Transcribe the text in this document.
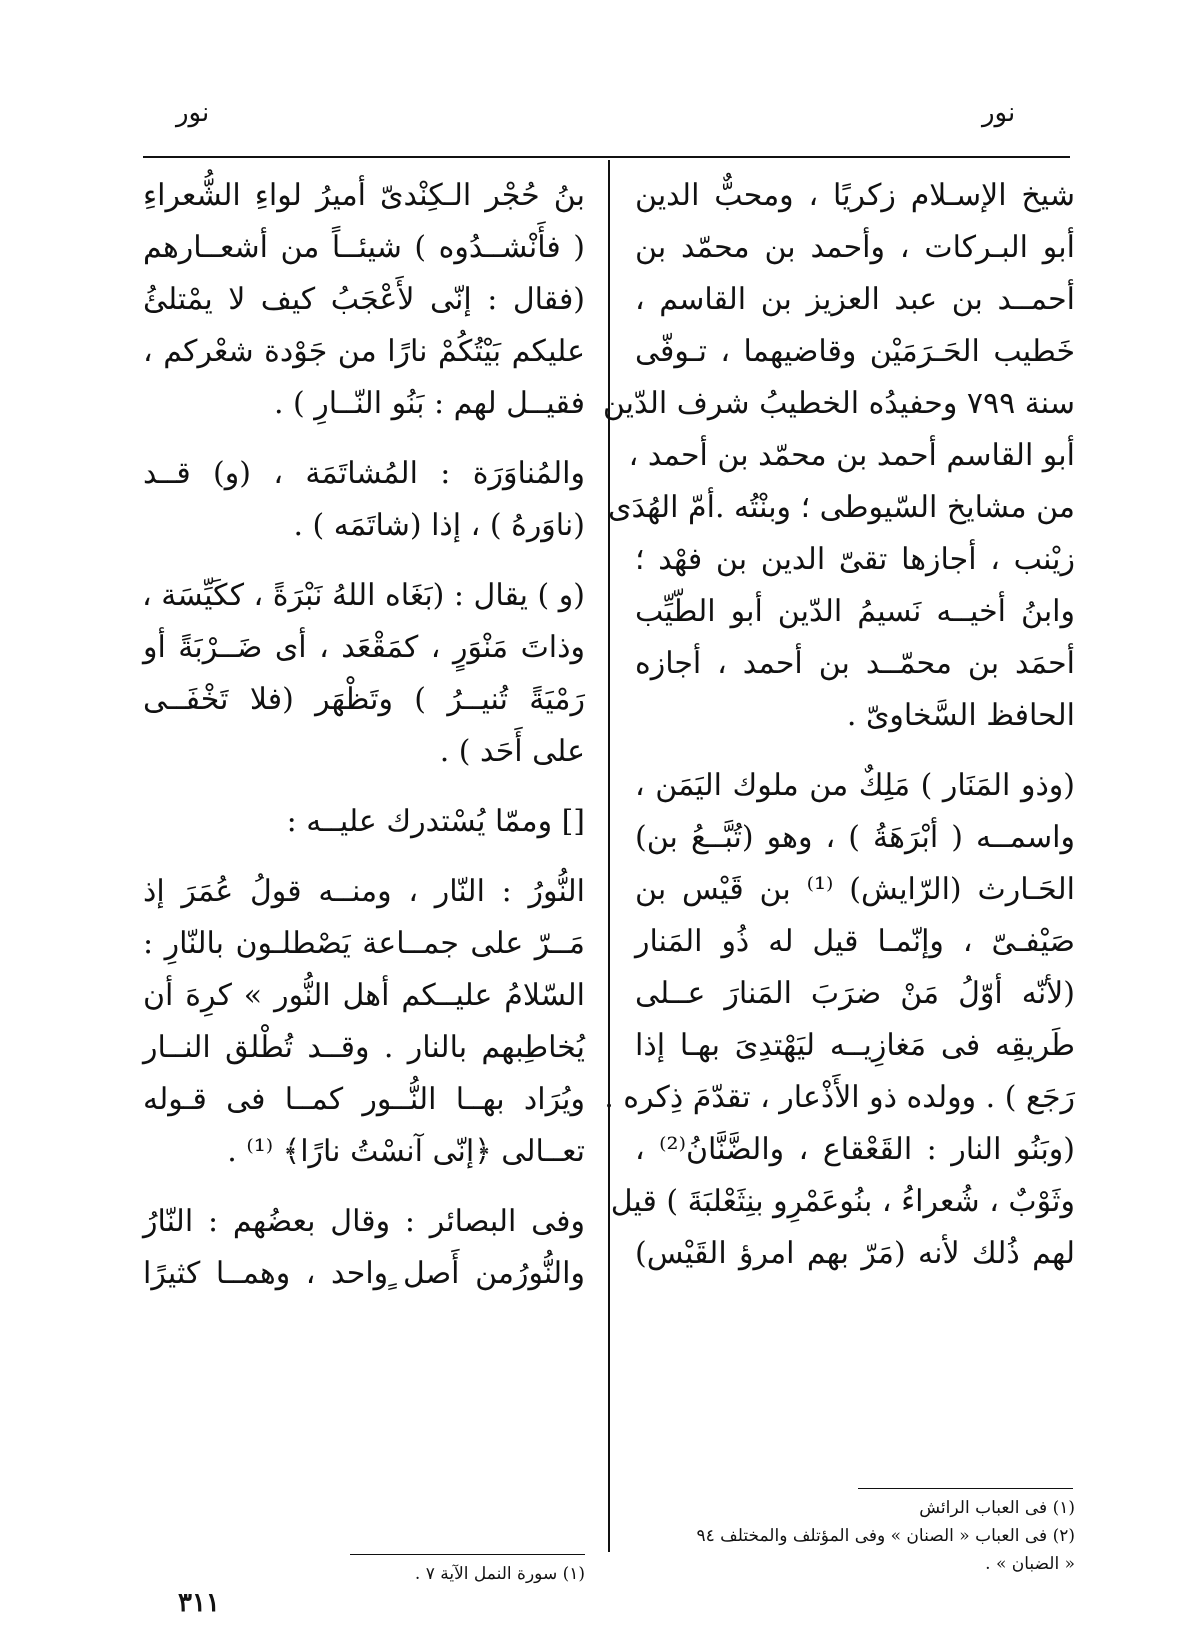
نور
نور
شيخ الإسـلام زكريًا ، ومحبٌّ الدين
أبو البـركات ، وأحمد بن محمّد بن
أحمــد بن عبد العزيز بن القاسم ،
خَطيب الحَـرَمَيْن وقاضيهما ، تـوفّى
سنة ٧٩٩ وحفيدُه الخطيبُ شرف الدّين
أبو القاسم أحمد بن محمّد بن أحمد ،
من مشايخ السّيوطى ؛ وبنْتُه .أمّ الهُدَى
زيْنب ، أجازها تقىّ الدين بن فهْد ؛
وابنُ أخيــه نَسيمُ الدّين أبو الطّيِّب
أحمَد بن محمّــد بن أحمد ، أجازه
الحافظ السَّخاوىّ .
(وذو المَنَار ) مَلِكٌ من ملوك اليَمَن ،
واسمــه ( أبْرَهَةُ ) ، وهو (تُبَّــعُ بن)
الحَـارث (الرّايش) ⁽¹⁾ بن قَيْس بن
صَيْفـىّ ، وإنّمـا قيل له ذُو المَنار
(لأنّه أوّلُ مَنْ ضرَبَ المَنارَ عــلى
طَريقِه فى مَغازِيــه ليَهْتدِىَ بهـا إذا
رَجَع ) . وولده ذو الأَذْعار ، تقدّمَ ذِكره .
(وبَنُو النار : القَعْقاع ، والضَّنَّانُ⁽²⁾ ،
وثَوْبٌ ، شُعراءُ ، بنُوعَمْرِو بنِثَعْلبَةَ ) قيل
لهم ذُلك لأنه (مَرّ بهم امرؤ القَيْس)
بنُ حُجْر الـكِنْدىّ أميرُ لواءِ الشُّعراءِ
( فأَنْشــدُوه ) شيئــاً من أشعــارهم
(فقال : إنّى لأَعْجَبُ كيف لا يمْتلئُ
عليكم بَيْتُكُمْ نارًا من جَوْدة شعْركم ،
فقيــل لهم : بَنُو النّــارِ ) .
والمُناوَرَة : المُشاتَمَة ، (و) قــد
(ناوَرهُ ) ، إذا (شاتَمَه ) .
(و ) يقال : (بَغَاه اللهُ نَبْرَةً ، ككَيِّسَة ،
وذاتَ مَنْوَرٍ ، كمَقْعَد ، أى ضَــرْبَةً أو
رَمْيَةً تُنيــرُ ) وتَظْهَر (فلا تَخْفَــى
على أَحَد ) .
[] وممّا يُسْتدرك عليــه :
النُّورُ : النّار ، ومنــه قولُ عُمَرَ إذ
مَــرّ على جمــاعة يَصْطلـون بالنّارِ :
السّلامُ عليــكم أهل النُّور » كرِهَ أن
يُخاطِبهم بالنار . وقــد تُطْلق النــار
ويُرَاد بهــا النُّــور كمــا فى قـوله
تعــالى ﴿إنّى آنسْتُ نارًا﴾ ⁽¹⁾ .
وفى البصائر : وقال بعضُهم : النّارُ
والنُّورُمن أَصل ٍواحد ، وهمــا كثيرًا
(١) فى العباب الرائش
(٢) فى العباب « الصنان » وفى المؤتلف والمختلف ٩٤
« الضبان » .
(١) سورة النمل الآية ٧ .
٣١١
